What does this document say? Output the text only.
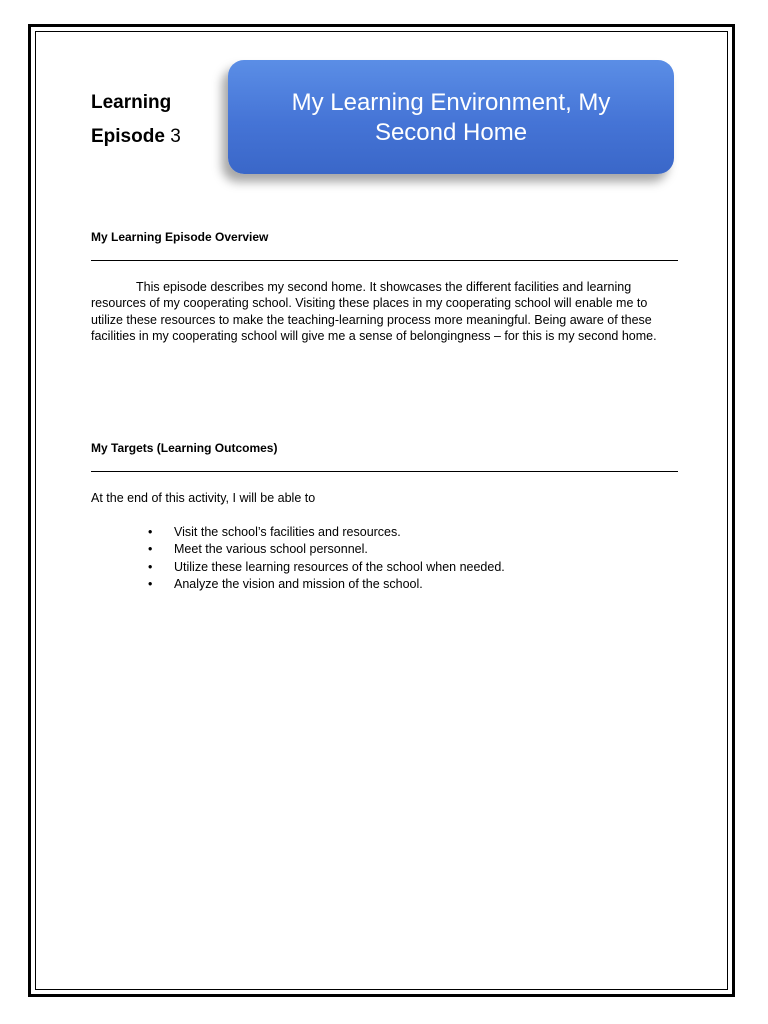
Learning
Episode 3
My Learning Environment, My Second Home
My Learning Episode Overview
This episode describes my second home. It showcases the different facilities and learning resources of my cooperating school. Visiting these places in my cooperating school will enable me to utilize these resources to make the teaching-learning process more meaningful. Being aware of these facilities in my cooperating school will give me a sense of belongingness – for this is my second home.
My Targets (Learning Outcomes)
At the end of this activity, I will be able to
• Visit the school’s facilities and resources.
• Meet the various school personnel.
• Utilize these learning resources of the school when needed.
• Analyze the vision and mission of the school.
